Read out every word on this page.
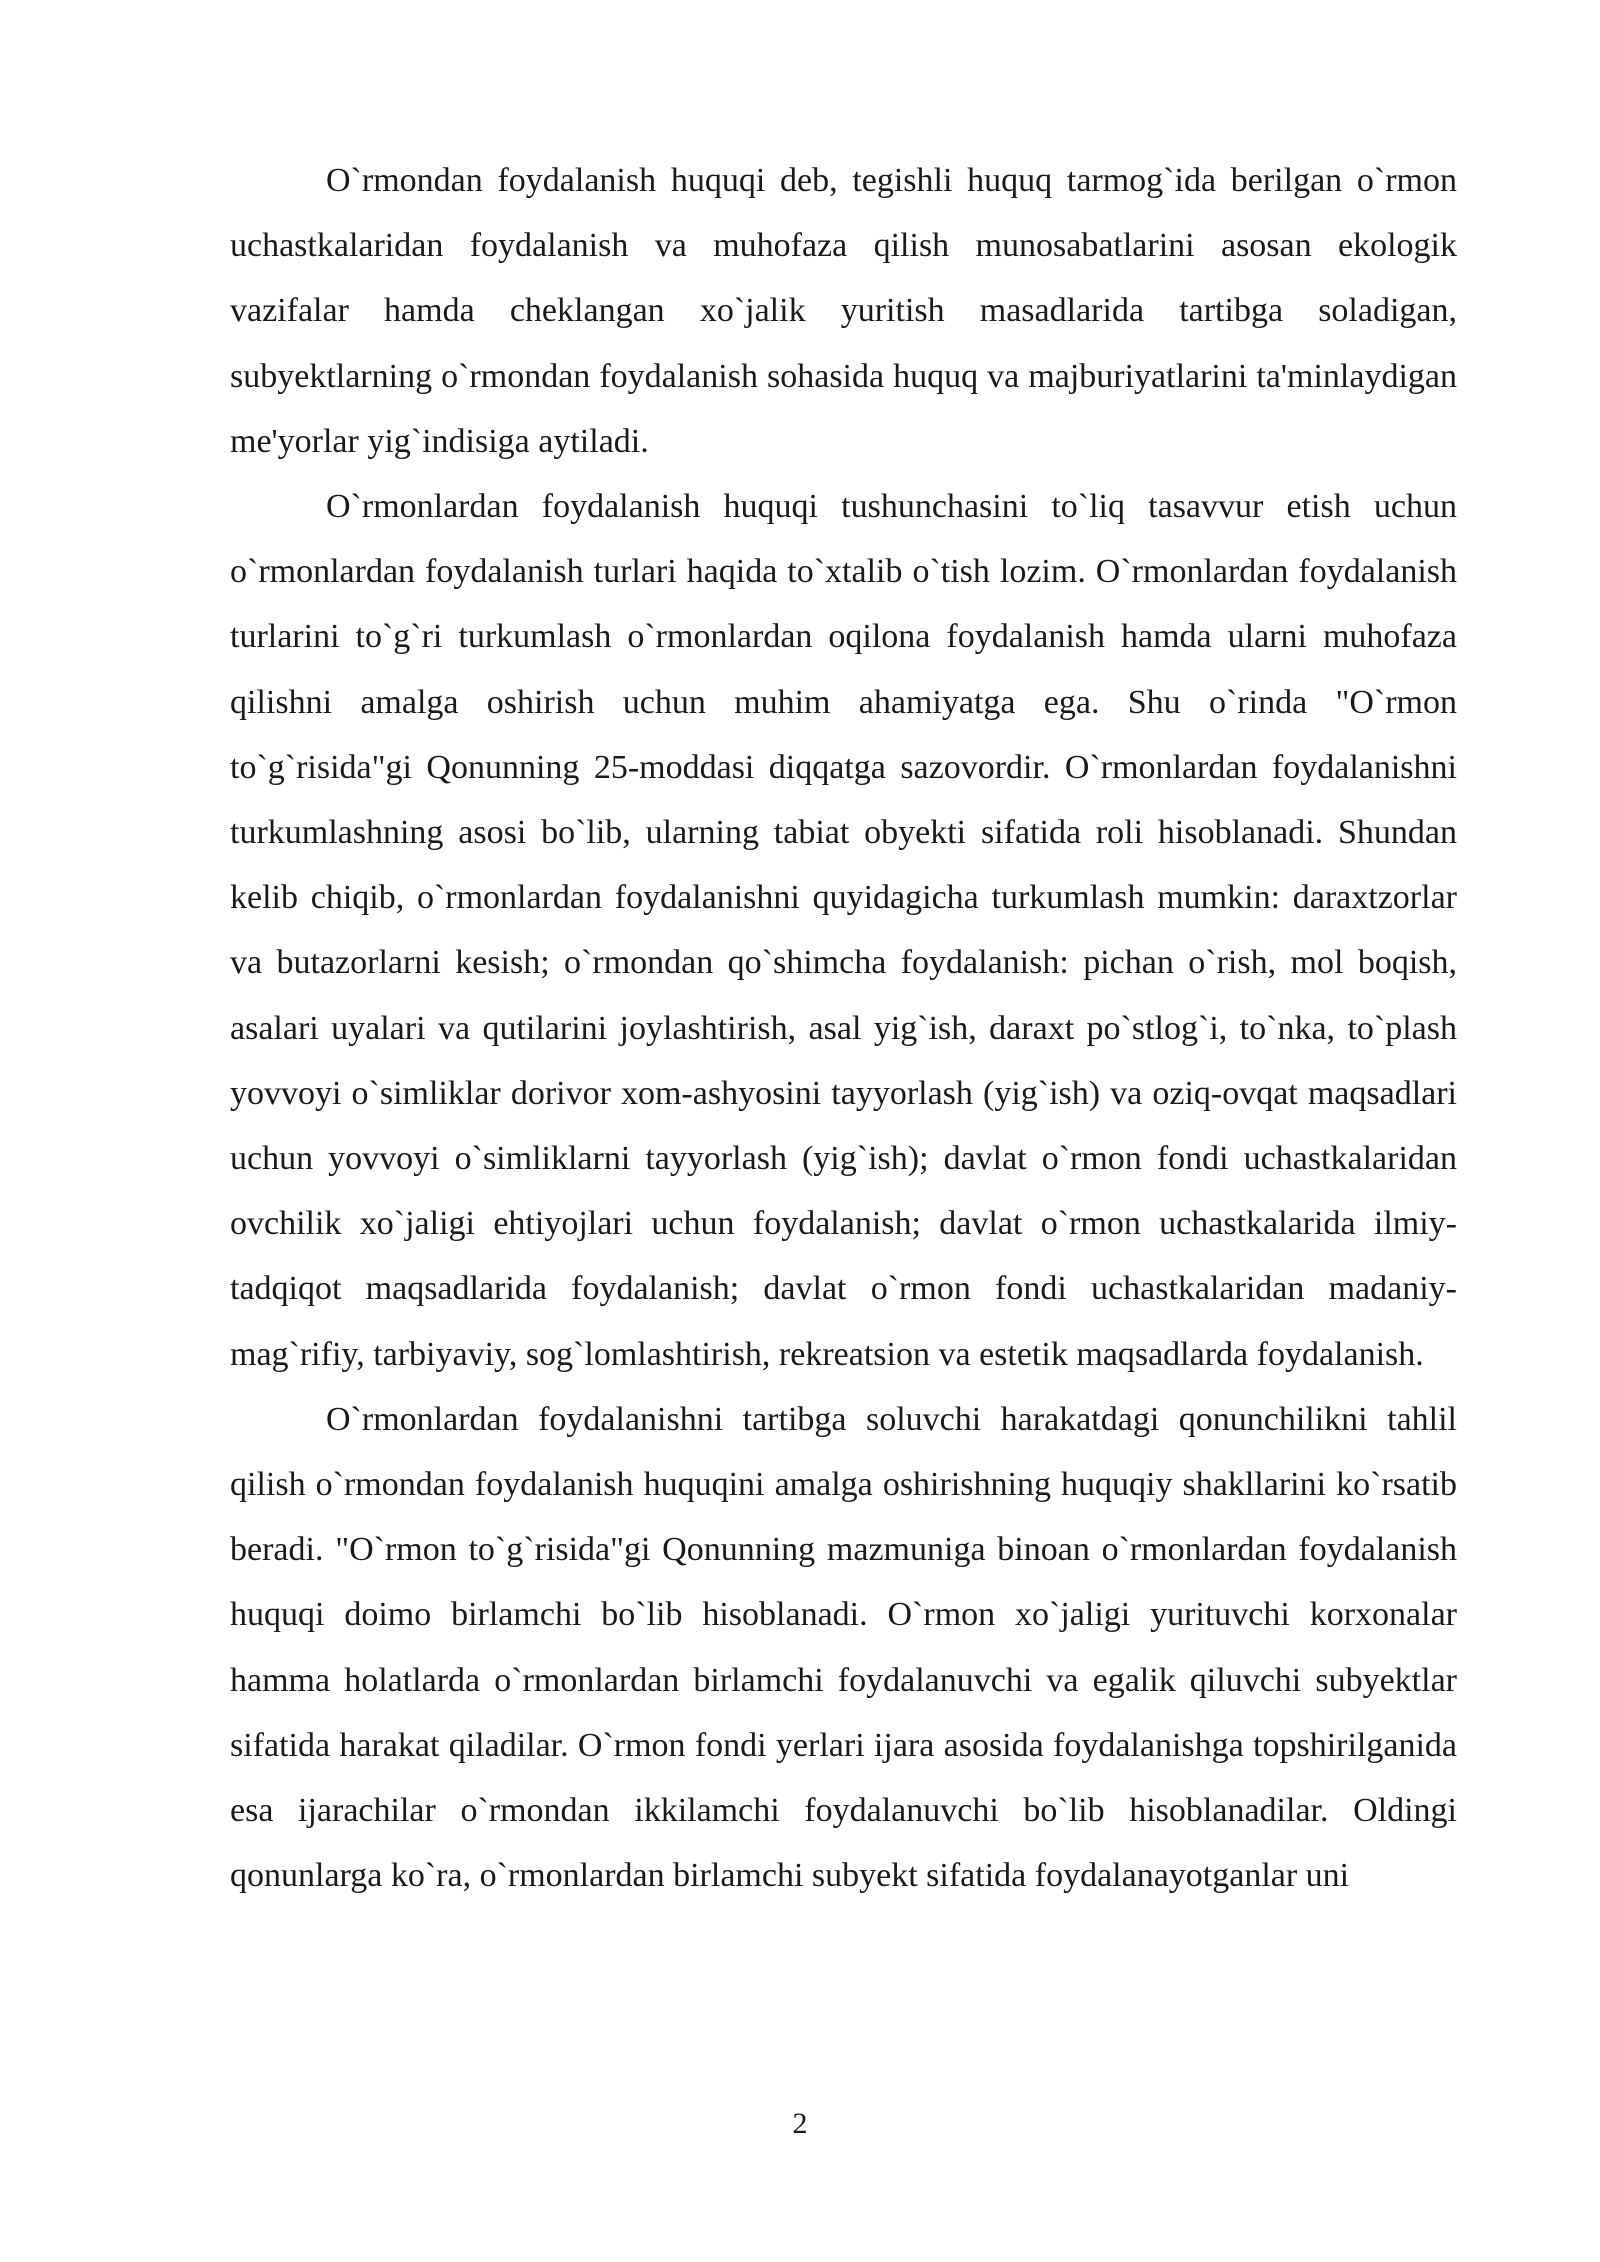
O`rmondan foydalanish huquqi deb, tegishli huquq tarmog`ida berilgan o`rmon uchastkalaridan foydalanish va muhofaza qilish munosabatlarini asosan ekologik vazifalar hamda cheklangan xo`jalik yuritish masadlarida tartibga soladigan, subyektlarning o`rmondan foydalanish sohasida huquq va majburiyatlarini ta'minlaydigan me'yorlar yig`indisiga aytiladi.

O`rmonlardan foydalanish huquqi tushunchasini to`liq tasavvur etish uchun o`rmonlardan foydalanish turlari haqida to`xtalib o`tish lozim. O`rmonlardan foydalanish turlarini to`g`ri turkumlash o`rmonlardan oqilona foydalanish hamda ularni muhofaza qilishni amalga oshirish uchun muhim ahamiyatga ega. Shu o`rinda "O`rmon to`g`risida"gi Qonunning 25-moddasi diqqatga sazovordir. O`rmonlardan foydalanishni turkumlashning asosi bo`lib, ularning tabiat obyekti sifatida roli hisoblanadi. Shundan kelib chiqib, o`rmonlardan foydalanishni quyidagicha turkumlash mumkin: daraxtzorlar va butazorlarni kesish; o`rmondan qo`shimcha foydalanish: pichan o`rish, mol boqish, asalari uyalari va qutilarini joylashtirish, asal yig`ish, daraxt po`stlog`i, to`nka, to`plash yovvoyi o`simliklar dorivor xom-ashyosini tayyorlash (yig`ish) va oziq-ovqat maqsadlari uchun yovvoyi o`simliklarni tayyorlash (yig`ish); davlat o`rmon fondi uchastkalaridan ovchilik xo`jaligi ehtiyojlari uchun foydalanish; davlat o`rmon uchastkalarida ilmiy-tadqiqot maqsadlarida foydalanish; davlat o`rmon fondi uchastkalaridan madaniy-mag`rifiy, tarbiyaviy, sog`lomlashtirish, rekreatsion va estetik maqsadlarda foydalanish.

O`rmonlardan foydalanishni tartibga soluvchi harakatdagi qonunchilikni tahlil qilish o`rmondan foydalanish huquqini amalga oshirishning huquqiy shakllarini ko`rsatib beradi. "O`rmon to`g`risida"gi Qonunning mazmuniga binoan o`rmonlardan foydalanish huquqi doimo birlamchi bo`lib hisoblanadi. O`rmon xo`jaligi yurituvchi korxonalar hamma holatlarda o`rmonlardan birlamchi foydalanuvchi va egalik qiluvchi subyektlar sifatida harakat qiladilar. O`rmon fondi yerlari ijara asosida foydalanishga topshirilganida esa ijarachilar o`rmondan ikkilamchi foydalanuvchi bo`lib hisoblanadilar. Oldingi qonunlarga ko`ra, o`rmonlardan birlamchi subyekt sifatida foydalanayotganlar uni

2
